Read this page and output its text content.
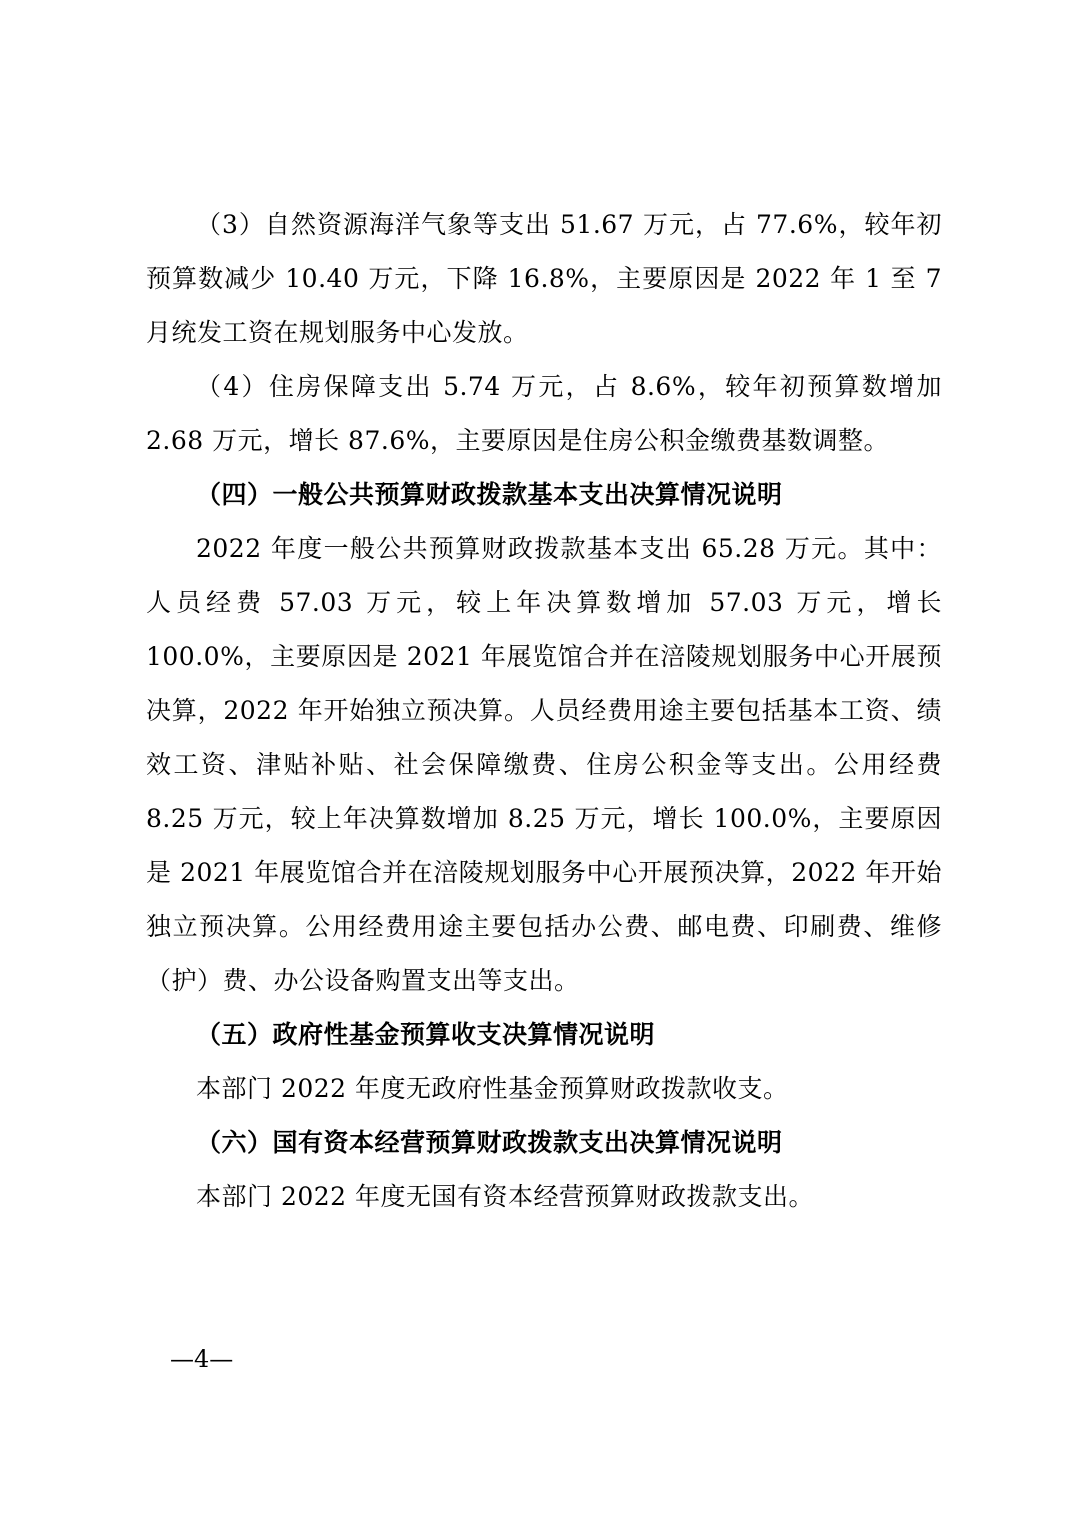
（3）自然资源海洋气象等支出 51.67 万元，占 77.6%，较年初预算数减少 10.40 万元，下降 16.8%，主要原因是 2022 年 1 至 7 月统发工资在规划服务中心发放。

（4）住房保障支出 5.74 万元，占 8.6%，较年初预算数增加 2.68 万元，增长 87.6%，主要原因是住房公积金缴费基数调整。

（四）一般公共预算财政拨款基本支出决算情况说明

2022 年度一般公共预算财政拨款基本支出 65.28 万元。其中：人员经费 57.03 万元，较上年决算数增加 57.03 万元，增长 100.0%，主要原因是 2021 年展览馆合并在涪陵规划服务中心开展预决算，2022 年开始独立预决算。人员经费用途主要包括基本工资、绩效工资、津贴补贴、社会保障缴费、住房公积金等支出。公用经费 8.25 万元，较上年决算数增加 8.25 万元，增长 100.0%，主要原因是 2021 年展览馆合并在涪陵规划服务中心开展预决算，2022 年开始独立预决算。公用经费用途主要包括办公费、邮电费、印刷费、维修（护）费、办公设备购置支出等支出。

（五）政府性基金预算收支决算情况说明

本部门 2022 年度无政府性基金预算财政拨款收支。

（六）国有资本经营预算财政拨款支出决算情况说明

本部门 2022 年度无国有资本经营预算财政拨款支出。

—4—
